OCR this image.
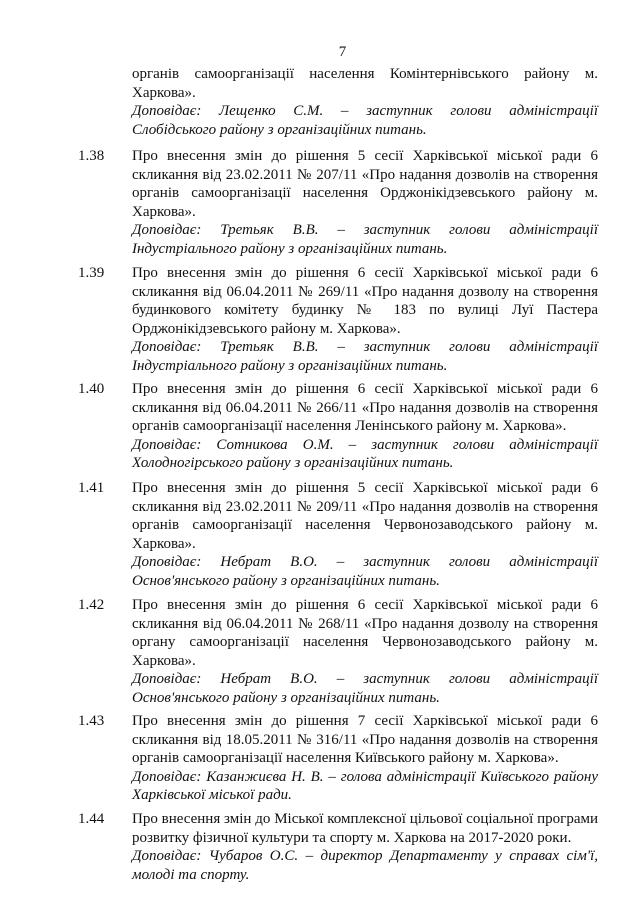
7

органів самоорганізації населення Комінтернівського району м. Харкова».

Доповідає: Лещенко С.М. – заступник голови адміністрації Слобідського району з організаційних питань.

1.38 Про внесення змін до рішення 5 сесії Харківської міської ради 6 скликання від 23.02.2011 № 207/11 «Про надання дозволів на створення органів самоорганізації населення Орджонікідзевського району м. Харкова».

Доповідає: Третьяк В.В. – заступник голови адміністрації Індустріального району з організаційних питань.

1.39 Про внесення змін до рішення 6 сесії Харківської міської ради 6 скликання від 06.04.2011 № 269/11 «Про надання дозволу на створення будинкового комітету будинку № 183 по вулиці Луї Пастера Орджонікідзевського району м. Харкова».

Доповідає: Третьяк В.В. – заступник голови адміністрації Індустріального району з організаційних питань.

1.40 Про внесення змін до рішення 6 сесії Харківської міської ради 6 скликання від 06.04.2011 № 266/11 «Про надання дозволів на створення органів самоорганізації населення Ленінського району м. Харкова».

Доповідає: Сотникова О.М. – заступник голови адміністрації Холодногірського району з організаційних питань.

1.41 Про внесення змін до рішення 5 сесії Харківської міської ради 6 скликання від 23.02.2011 № 209/11 «Про надання дозволів на створення органів самоорганізації населення Червонозаводського району м. Харкова».

Доповідає: Небрат В.О. – заступник голови адміністрації Основ'янського району з організаційних питань.

1.42 Про внесення змін до рішення 6 сесії Харківської міської ради 6 скликання від 06.04.2011 № 268/11 «Про надання дозволу на створення органу самоорганізації населення Червонозаводського району м. Харкова».

Доповідає: Небрат В.О. – заступник голови адміністрації Основ'янського району з організаційних питань.

1.43 Про внесення змін до рішення 7 сесії Харківської міської ради 6 скликання від 18.05.2011 № 316/11 «Про надання дозволів на створення органів самоорганізації населення Київського району м. Харкова».

Доповідає: Казанжиєва Н. В. – голова адміністрації Київського району Харківської міської ради.

1.44 Про внесення змін до Міської комплексної цільової соціальної програми розвитку фізичної культури та спорту м. Харкова на 2017-2020 роки.

Доповідає: Чубаров О.С. – директор Департаменту у справах сім'ї, молоді та спорту.
